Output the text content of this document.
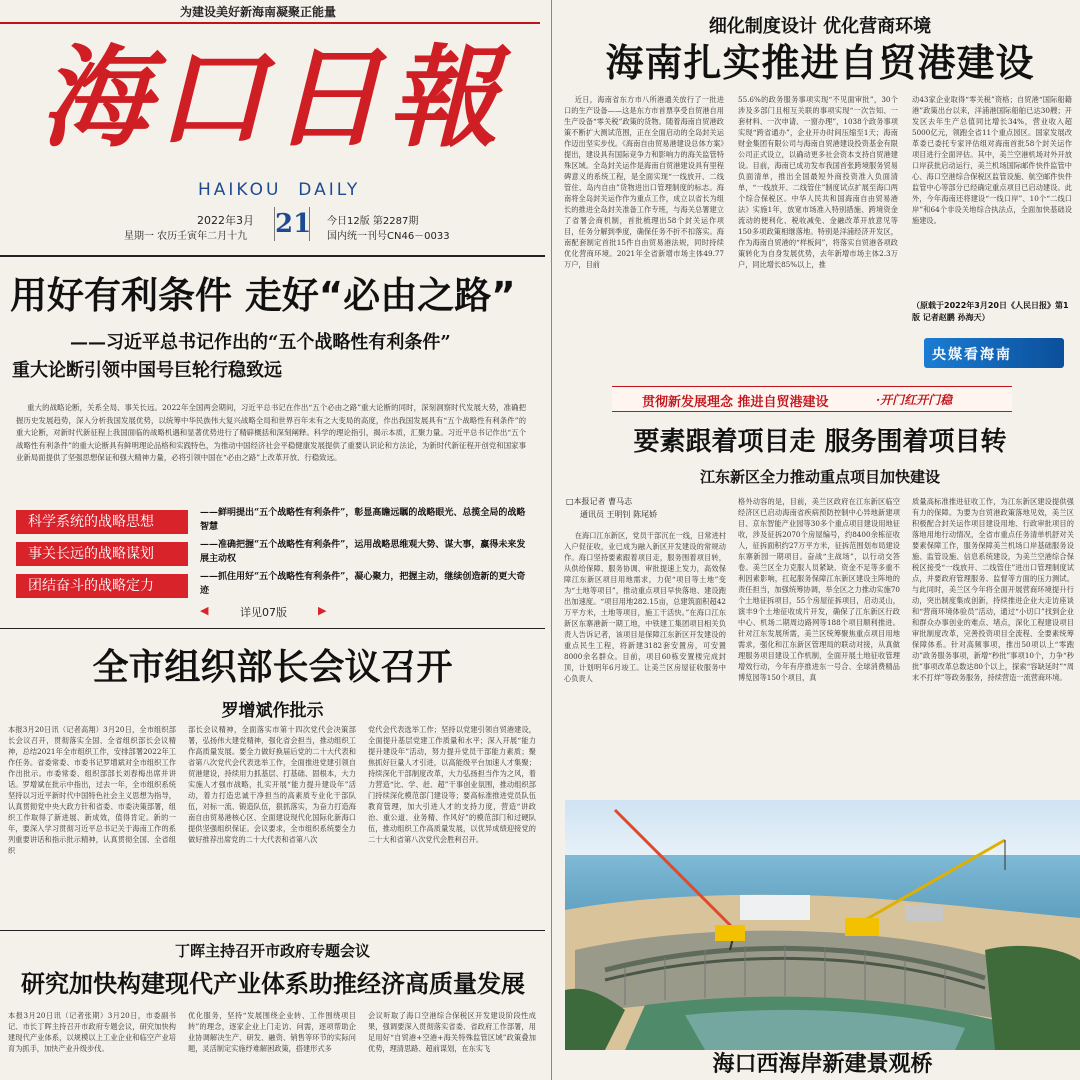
为建设美好新海南凝聚正能量
海口日報
HAIKOU  DAILY
2022年3月
星期一 农历壬寅年二月十九 21 今日12版 第2287期
国内统一刊号CN46－0033
细化制度设计 优化营商环境
海南扎实推进自贸港建设
近日，海南省东方市八所港通关放行了一批进口的生产设备——这是东方市首票享受自贸港自用生产设备“零关税”政策的货物。随着海南自贸港政策不断扩大测试范围，正在全面启动的全岛封关运作迈出坚实步伐。《海南自由贸易港建设总体方案》提出，建设具有国际竞争力和影响力的海关监管特殊区域。全岛封关运作是海南自贸港建设具有里程碑意义的系统工程，是全面实现“一线放开、二线管住、岛内自由”货物进出口管理制度的标志。海南将全岛封关运作作为重点工作，成立以省长为组长的推进全岛封关准备工作专班，与海关总署建立了省署会商机制，首批梳理出58个封关运作项目，任务分解到季度，确保任务不折不扣落实。海南配套制定首批15件自由贸易港法规，同时持续优化营商环境。2021年全省新增市场主体49.77万户，目前
55.6%的政务服务事项实现“不见面审批”，30个涉及多部门且相互关联的事项实现“一次告知、一套材料、一次申请、一窗办理”，1038个政务事项实现“跨省通办”，企业开办时间压缩至1天；海南财金集团有限公司与海南自贸港建设投资基金有限公司正式设立，以确动更多社会资本支持自贸港建设。目前，海南已成功发布我国首张跨境服务贸易负面清单，推出全国最短外商投资准入负面清单，“一线放开、二线管住”制度试点扩展至海口两个综合保税区。中华人民共和国海南自由贸易港法》实施1年，放宽市场准入特别措施、跨境资金流动的便利化、税收减免、金融改革开放意见等150多项政策相继落地。特别是洋浦经济开发区，作为海南自贸港的“样板间”，将落实自贸港各项政策转化为自身发展优势，去年新增市场主体2.3万户，同比增长85%以上，推
动43家企业取得“零关税”资格；自贸港“国际船籍港”政策出台以来，洋浦港国际船舶已达30艘；开发区去年生产总值同比增长34%，营业收入超5000亿元，领跑全省11个重点园区。国家发展改革委已委托专家评估组对海南首批58个封关运作项目进行全面评估。其中，美兰空港机场对外开放口岸获批启动运行，美兰机场国际邮件快件监管中心、海口空港综合保税区监管设施、航空邮件快件监管中心等部分已经确定重点项目已启动建设。此外，今年海南还将建设“一线口岸”、10个“二线口岸”和64个非设关地综合执法点，全面加快基础设施建设。
（原载于2022年3月20日《人民日报》第1版 记者赵鹏 孙海天）
央媒看海南
用好有利条件 走好“必由之路”
——习近平总书记作出的“五个战略性有利条件”
重大论断引领中国号巨轮行稳致远
重大的战略论断，关系全局、事关长远。2022年全国两会期间，习近平总书记在作出“五个必由之路”重大论断的同时，深刻洞察时代发展大势，准确把握历史发展趋势，深入分析我国发展优势，以统筹中华民族伟大复兴战略全局和世界百年未有之大变局的高度，作出我国发展具有“五个战略性有利条件”的重大论断，对新时代新征程上我国面临的战略机遇和显著优势进行了精辟概括和深刻阐释。科学的理论指引，揭示本质，汇聚力量。习近平总书记作出“五个战略性有利条件”的重大论断具有鲜明理论品格和实践特色，为推动中国经济社会平稳健康发展提供了重要认识论和方法论，为新时代新征程开创党和国家事业新局面提供了坚强思想保证和强大精神力量，必将引领中国在“必由之路”上改革开放、行稳致远。
科学系统的战略思想
——鲜明提出“五个战略性有利条件”，彰显高瞻远瞩的战略眼光、总揽全局的战略智慧
事关长远的战略谋划
——准确把握“五个战略性有利条件”，运用战略思维观大势、谋大事，赢得未来发展主动权
团结奋斗的战略定力
——抓住用好“五个战略性有利条件”，凝心聚力，把握主动，继续创造新的更大奇迹
◀	详见07版	▶
全市组织部长会议召开
罗增斌作批示
本报3月20日讯（记者高翔）3月20日，全市组织部长会议召开，贯彻落实全国、全省组织部长会议精神，总结2021年全市组织工作，安排部署2022年工作任务。省委常委、市委书记罗增斌对全市组织工作作出批示。市委常委、组织部部长刘春梅出席并讲话。罗增斌在批示中指出，过去一年，全市组织系统坚持以习近平新时代中国特色社会主义思想为指导，认真贯彻党中央大政方针和省委、市委决策部署，组织工作取得了新进展、新成效，值得肯定。新的一年，要深入学习贯彻习近平总书记关于海南工作的系列重要讲话和指示批示精神，认真贯彻全国、全省组织
部长会议精神，全面落实市第十四次党代会决策部署，弘扬伟大建党精神，强化省会担当，推动组织工作高质量发展。要全力做好换届后党的二十大代表和省第八次党代会代表选举工作，全面推进党建引领自贸港建设，持续用力抓基层、打基础、固根本，大力实施人才强市战略，扎实开展“能力提升建设年”活动，着力打造忠诚干净担当的高素质专业化干部队伍，对标一流、锻造队伍，狠抓落实，为奋力打造海南自由贸易港核心区、全面建设现代化国际化新海口提供坚强组织保证。会议要求，全市组织系统要全力做好推荐出席党的二十大代表和省第八次
党代会代表选举工作；坚持以党建引领自贸港建设，全面提升基层党建工作质量和水平；深入开展“能力提升建设年”活动，努力提升党员干部能力素质；聚焦抓好巨量人才引进，以高能级平台加速人才集聚；持续深化干部制度改革，大力弘扬担当作为之风，着力营造“比、学、赶、超”干事创业氛围，推动组织部门持续深化模范部门建设等；要高标准推进党员队伍教育管理，加大引进人才的支持力度，营造“讲政治、重公道、业务精、作风好”的模范部门和过硬队伍，推动组织工作高质量发展，以优异成绩迎接党的二十大和省第八次党代会胜利召开。
丁晖主持召开市政府专题会议
研究加快构建现代产业体系助推经济高质量发展
本报3月20日讯（记者张期）3月20日，市委副书记、市长丁晖主持召开市政府专题会议，研究加快构建现代产业体系，以规模以上工业企业和临空产业培育为抓手，加快产业升级步伐。
优化服务，坚持“发展围绕企业转、工作围绕项目转”的理念，逐家企业上门走访、问需，逐项帮助企业协调解决生产、研发、融资、销售等环节的实际问题，灵活制定实施纾难解困政策，搭建形式多
会议听取了海口空港综合保税区开发建设阶段性成果，强调要深入贯彻落实省委、省政府工作部署，用足用好“自贸港+空港+海关特殊监管区域”政策叠加优势，理清思路、超前谋划，在东实飞
贯彻新发展理念 推进自贸港建设	·开门红开门稳
要素跟着项目走 服务围着项目转
江东新区全力推动重点项目加快建设
□本报记者 曹马志
通讯员 王明钊 陈尾娇
在海口江东新区，党员干部沉在一线，日常进村入户促征收，业已成为融入新区开发建设的常规动作。海口坚持要素跟着项目走，服务围着项目转，从供给保障、服务协调、审批提速上发力，高效保障江东新区项目用地需求，力促“项目等土地”变为“土地等项目”，推动重点项目早快落地、建设跑出加速度。“项目用地282.15亩，总建筑面积超42万平方米，土地等项目，施工干活快。”在海口江东新区东寨港新一期工地，中铁建工集团项目相关负责人告诉记者，该项目是保障江东新区开发建设的重点民生工程，将新建3182套安置房，可安置8000余名群众。目前，项目60栋安置楼完成封顶，计划明年6月竣工。让美兰区房屋征收服务中心负责人
格外动容的是，目前，美兰区政府在江东新区临空经济区已启动海南省疾病预防控制中心异地新建项目、京东智能产业园等30多个重点项目建设用地征收，涉及征拆2070个房屋编号，约8400余栋征收人，征拆面积约27万平方米，征拆范围划布局建设东寨新园一期项目。奋战“主战场”，以行动交答卷。美兰区全力克服人员紧缺、资金不足等多重不利因素影响，扛起服务保障江东新区建设主阵地的责任担当，加强统筹协调，举全区之力推动实施70个土地征拆项目，55个房屋征拆项目，启动灵山，演丰9个土地征收成片开发，确保了江东新区行政中心、机场二期周边路网等188个项目顺利推进。针对江东发展所需，美兰区统筹聚焦重点项目用地需求，强化和江东新区管理局的联动对接，从真做理服务项目建设工作机制，全面开展土地征收管理增效行动，今年有序推进东一号合、全球消费精品博览园等150个项目，真
质量高标准推进征收工作，为江东新区建设提供强有力的保障。为要为自贸港政策落地见效，美兰区积极配合封关运作项目建设用地、行政审批项目的落地用地行动情况，全省市重点任务清单机舒对关要素保障工作，服务保障美兰机场口岸基础服务设施、监管设施、信息系统建设，为美兰空港综合保税区接受“一线放开、二线管住”进出口管理制度试点，并要政府管理服务、监督等方面的压力测试。与此同时，美兰区今年将全面开展营商环境提升行动，突出制度集成创新，持续推进企业大走访座谈和“营商环境体验员”活动，通过“小切口”找到企业和群众办事创业的难点、堵点，深化工程建设项目审批制度改革，完善投资项目全流程、全要素统筹保障体系。针对高频事项，推出50项以上“零跑动”政务服务事项，新增“秒批”事项10个，力争“秒批”事项改革总数达80个以上，探索“容缺延时”“周末不打烊”等政务服务，持续营造一流营商环境。
海口西海岸新建景观桥
